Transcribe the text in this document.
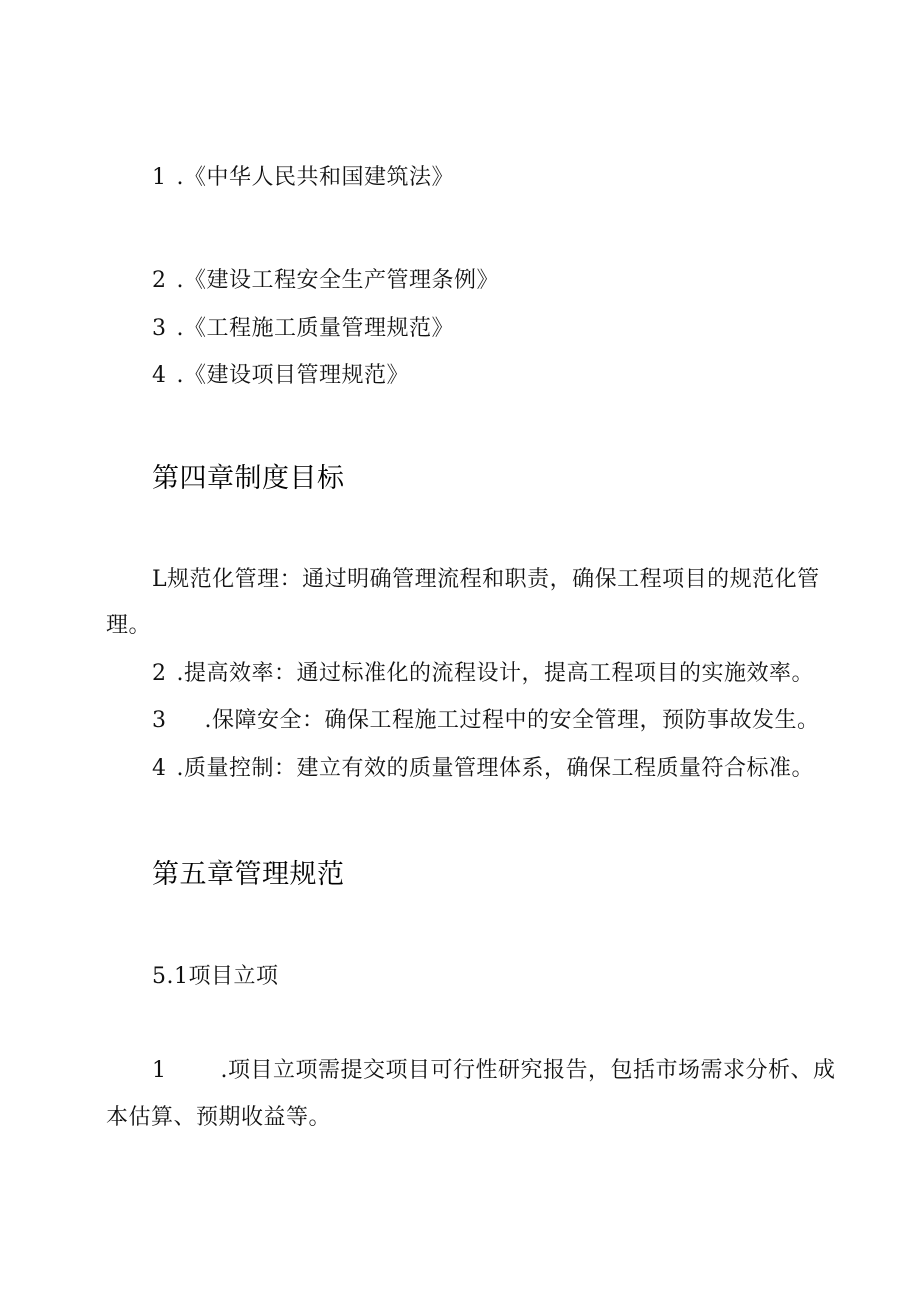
1 .《中华人民共和国建筑法》
2 .《建设工程安全生产管理条例》
3 .《工程施工质量管理规范》
4 .《建设项目管理规范》
第四章制度目标
L规范化管理：通过明确管理流程和职责，确保工程项目的规范化管
理。
2 .提高效率：通过标准化的流程设计，提高工程项目的实施效率。
3 .保障安全：确保工程施工过程中的安全管理，预防事故发生。
4 .质量控制：建立有效的质量管理体系，确保工程质量符合标准。
第五章管理规范
5.1项目立项
1 .项目立项需提交项目可行性研究报告，包括市场需求分析、成
本估算、预期收益等。
